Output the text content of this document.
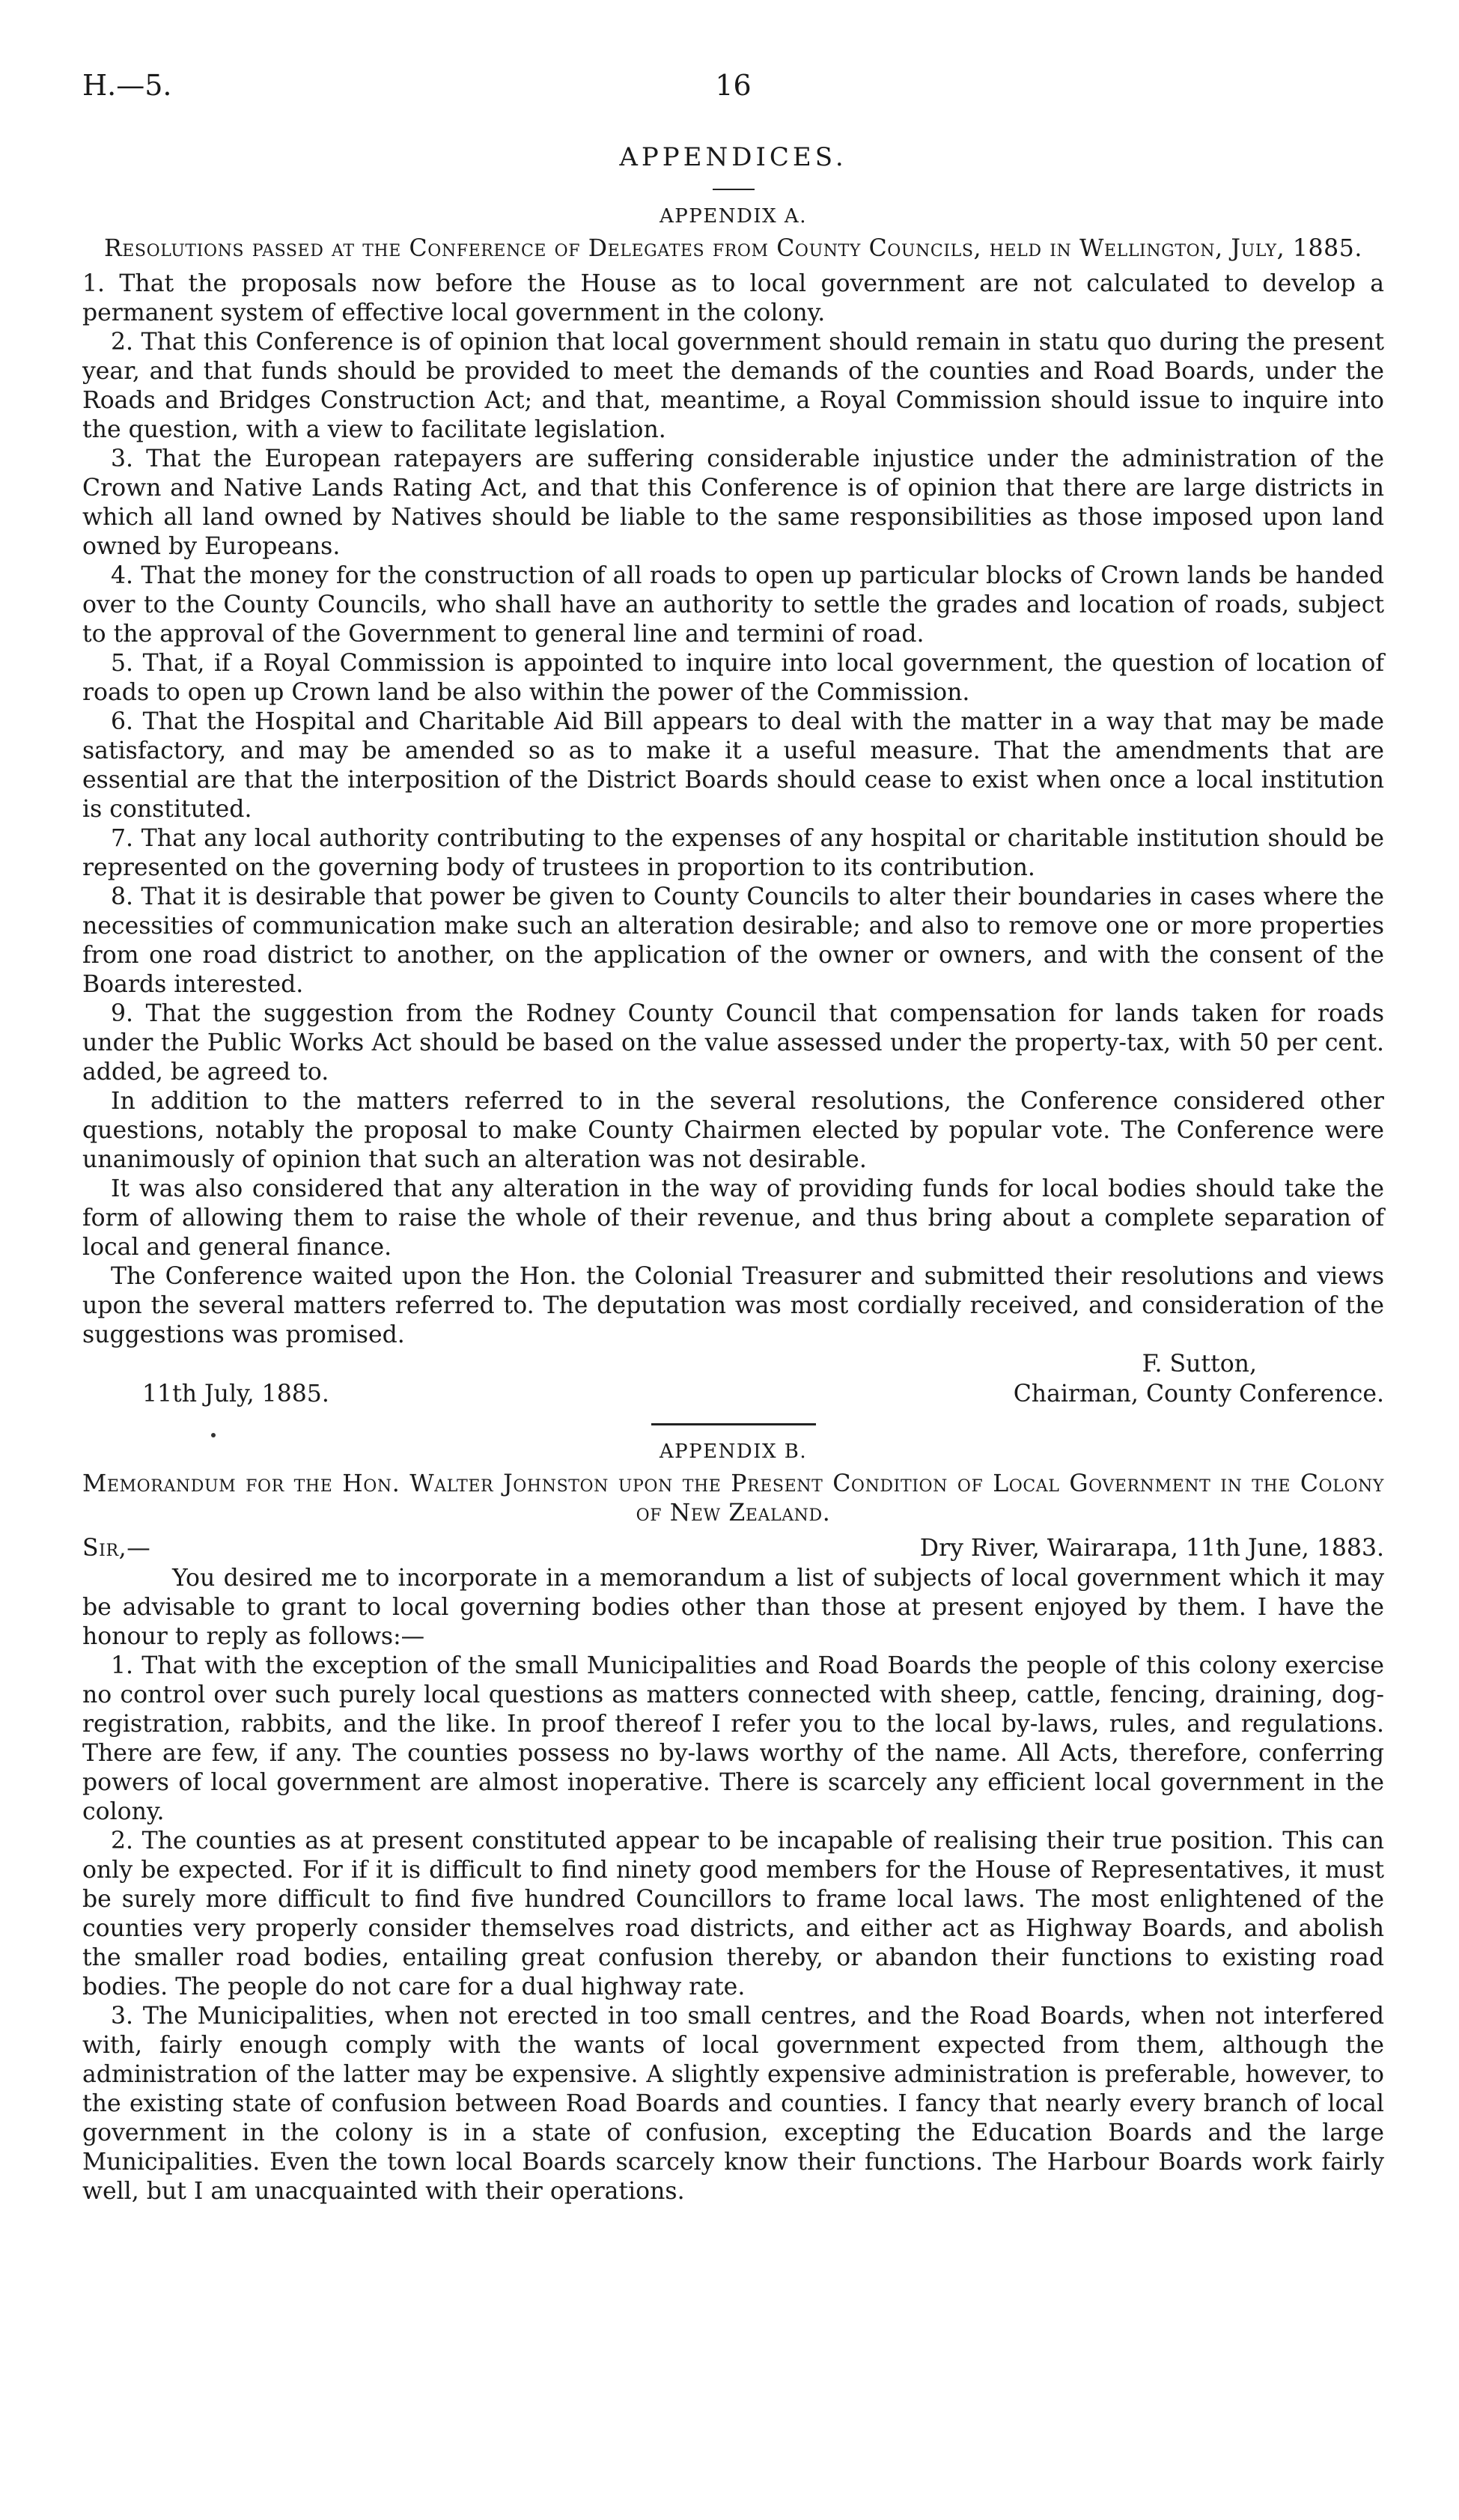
H.—5.	16
APPENDICES.
APPENDIX A.
Resolutions passed at the Conference of Delegates from County Councils, held in Wellington, July, 1885.

1. That the proposals now before the House as to local government are not calculated to develop a permanent system of effective local government in the colony.

2. That this Conference is of opinion that local government should remain in statu quo during the present year, and that funds should be provided to meet the demands of the counties and Road Boards, under the Roads and Bridges Construction Act; and that, meantime, a Royal Commission should issue to inquire into the question, with a view to facilitate legislation.

3. That the European ratepayers are suffering considerable injustice under the administration of the Crown and Native Lands Rating Act, and that this Conference is of opinion that there are large districts in which all land owned by Natives should be liable to the same responsibilities as those imposed upon land owned by Europeans.

4. That the money for the construction of all roads to open up particular blocks of Crown lands be handed over to the County Councils, who shall have an authority to settle the grades and location of roads, subject to the approval of the Government to general line and termini of road.

5. That, if a Royal Commission is appointed to inquire into local government, the question of location of roads to open up Crown land be also within the power of the Commission.

6. That the Hospital and Charitable Aid Bill appears to deal with the matter in a way that may be made satisfactory, and may be amended so as to make it a useful measure. That the amendments that are essential are that the interposition of the District Boards should cease to exist when once a local institution is constituted.

7. That any local authority contributing to the expenses of any hospital or charitable institution should be represented on the governing body of trustees in proportion to its contribution.

8. That it is desirable that power be given to County Councils to alter their boundaries in cases where the necessities of communication make such an alteration desirable; and also to remove one or more properties from one road district to another, on the application of the owner or owners, and with the consent of the Boards interested.

9. That the suggestion from the Rodney County Council that compensation for lands taken for roads under the Public Works Act should be based on the value assessed under the property-tax, with 50 per cent. added, be agreed to.

In addition to the matters referred to in the several resolutions, the Conference considered other questions, notably the proposal to make County Chairmen elected by popular vote. The Conference were unanimously of opinion that such an alteration was not desirable.

It was also considered that any alteration in the way of providing funds for local bodies should take the form of allowing them to raise the whole of their revenue, and thus bring about a complete separation of local and general finance.

The Conference waited upon the Hon. the Colonial Treasurer and submitted their resolutions and views upon the several matters referred to. The deputation was most cordially received, and consideration of the suggestions was promised.

F. Sutton,
11th July, 1885.	Chairman, County Conference.
APPENDIX B.
Memorandum for the Hon. Walter Johnston upon the Present Condition of Local Government in the Colony of New Zealand.
Sir,—	Dry River, Wairarapa, 11th June, 1883.

You desired me to incorporate in a memorandum a list of subjects of local government which it may be advisable to grant to local governing bodies other than those at present enjoyed by them. I have the honour to reply as follows:—

1. That with the exception of the small Municipalities and Road Boards the people of this colony exercise no control over such purely local questions as matters connected with sheep, cattle, fencing, draining, dog-registration, rabbits, and the like. In proof thereof I refer you to the local by-laws, rules, and regulations. There are few, if any. The counties possess no by-laws worthy of the name. All Acts, therefore, conferring powers of local government are almost inoperative. There is scarcely any efficient local government in the colony.

2. The counties as at present constituted appear to be incapable of realising their true position. This can only be expected. For if it is difficult to find ninety good members for the House of Representatives, it must be surely more difficult to find five hundred Councillors to frame local laws. The most enlightened of the counties very properly consider themselves road districts, and either act as Highway Boards, and abolish the smaller road bodies, entailing great confusion thereby, or abandon their functions to existing road bodies. The people do not care for a dual highway rate.

3. The Municipalities, when not erected in too small centres, and the Road Boards, when not interfered with, fairly enough comply with the wants of local government expected from them, although the administration of the latter may be expensive. A slightly expensive administration is preferable, however, to the existing state of confusion between Road Boards and counties. I fancy that nearly every branch of local government in the colony is in a state of confusion, excepting the Education Boards and the large Municipalities. Even the town local Boards scarcely know their functions. The Harbour Boards work fairly well, but I am unacquainted with their operations.
